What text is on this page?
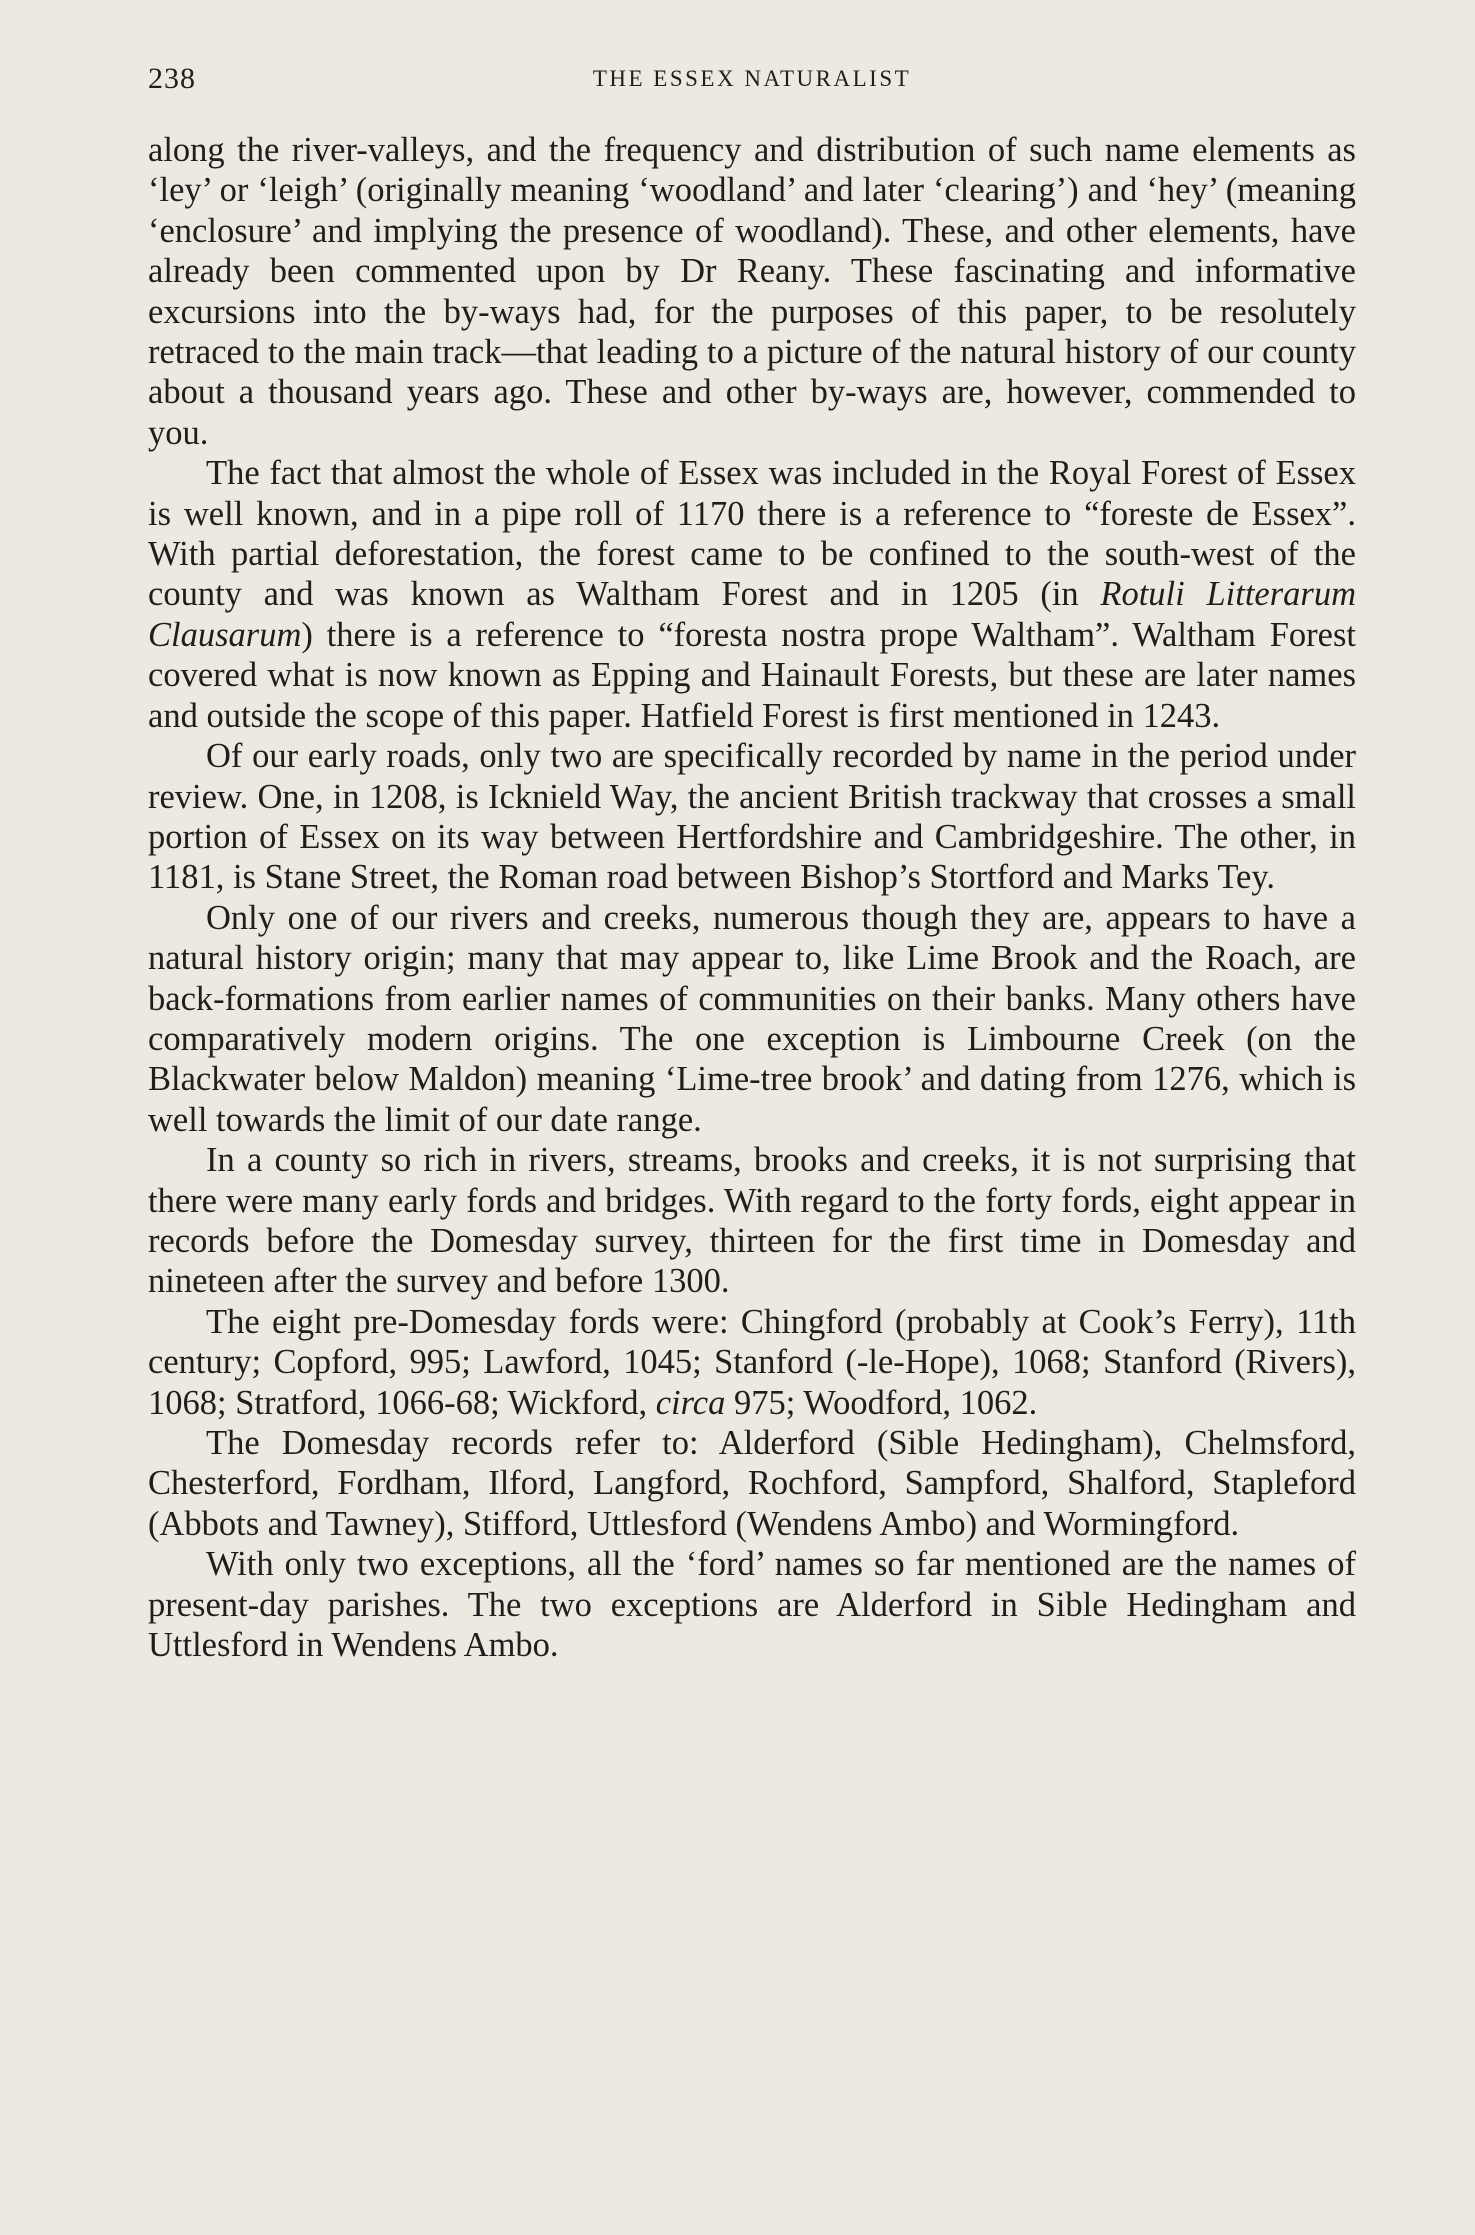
238	THE ESSEX NATURALIST

along the river-valleys, and the frequency and distribution of such name elements as ‘ley’ or ‘leigh’ (originally meaning ‘woodland’ and later ‘clearing’) and ‘hey’ (meaning ‘enclosure’ and implying the presence of woodland). These, and other elements, have already been commented upon by Dr Reany. These fascinating and informative excursions into the by-ways had, for the purposes of this paper, to be resolutely retraced to the main track—that leading to a picture of the natural history of our county about a thousand years ago. These and other by-ways are, however, commended to you.

The fact that almost the whole of Essex was included in the Royal Forest of Essex is well known, and in a pipe roll of 1170 there is a reference to “foreste de Essex”. With partial deforestation, the forest came to be confined to the south-west of the county and was known as Waltham Forest and in 1205 (in Rotuli Litterarum Clausarum) there is a reference to “foresta nostra prope Waltham”. Waltham Forest covered what is now known as Epping and Hainault Forests, but these are later names and outside the scope of this paper. Hatfield Forest is first mentioned in 1243.

Of our early roads, only two are specifically recorded by name in the period under review. One, in 1208, is Icknield Way, the ancient British trackway that crosses a small portion of Essex on its way between Hertfordshire and Cambridgeshire. The other, in 1181, is Stane Street, the Roman road between Bishop’s Stortford and Marks Tey.

Only one of our rivers and creeks, numerous though they are, appears to have a natural history origin; many that may appear to, like Lime Brook and the Roach, are back-formations from earlier names of communities on their banks. Many others have comparatively modern origins. The one exception is Limbourne Creek (on the Blackwater below Maldon) meaning ‘Lime-tree brook’ and dating from 1276, which is well towards the limit of our date range.

In a county so rich in rivers, streams, brooks and creeks, it is not surprising that there were many early fords and bridges. With regard to the forty fords, eight appear in records before the Domesday survey, thirteen for the first time in Domesday and nineteen after the survey and before 1300.

The eight pre-Domesday fords were: Chingford (probably at Cook’s Ferry), 11th century; Copford, 995; Lawford, 1045; Stanford (-le-Hope), 1068; Stanford (Rivers), 1068; Stratford, 1066-68; Wickford, circa 975; Woodford, 1062.

The Domesday records refer to: Alderford (Sible Hedingham), Chelmsford, Chesterford, Fordham, Ilford, Langford, Rochford, Sampford, Shalford, Stapleford (Abbots and Tawney), Stifford, Uttlesford (Wendens Ambo) and Wormingford.

With only two exceptions, all the ‘ford’ names so far mentioned are the names of present-day parishes. The two exceptions are Alderford in Sible Hedingham and Uttlesford in Wendens Ambo.
